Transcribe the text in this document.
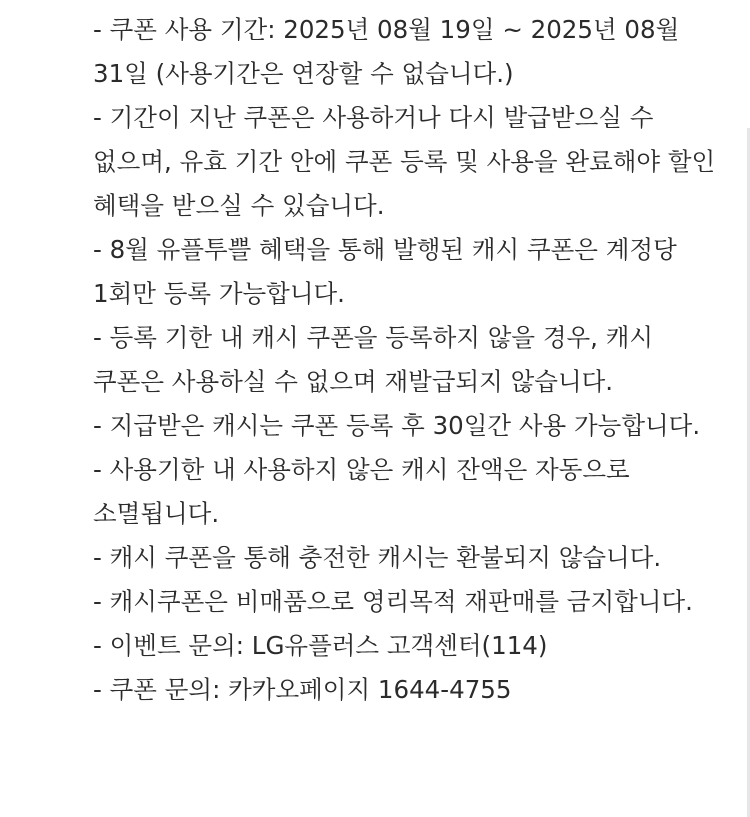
- 쿠폰 사용 기간: 2025년 08월 19일 ~ 2025년 08월 31일 (사용기간은 연장할 수 없습니다.)
- 기간이 지난 쿠폰은 사용하거나 다시 발급받으실 수 없으며, 유효 기간 안에 쿠폰 등록 및 사용을 완료해야 할인 혜택을 받으실 수 있습니다.
- 8월 유플투쁠 혜택을 통해 발행된 캐시 쿠폰은 계정당 1회만 등록 가능합니다.
- 등록 기한 내 캐시 쿠폰을 등록하지 않을 경우, 캐시 쿠폰은 사용하실 수 없으며 재발급되지 않습니다.
- 지급받은 캐시는 쿠폰 등록 후 30일간 사용 가능합니다.
- 사용기한 내 사용하지 않은 캐시 잔액은 자동으로 소멸됩니다.
- 캐시 쿠폰을 통해 충전한 캐시는 환불되지 않습니다.
- 캐시쿠폰은 비매품으로 영리목적 재판매를 금지합니다.
- 이벤트 문의: LG유플러스 고객센터(114)
- 쿠폰 문의: 카카오페이지 1644-4755
